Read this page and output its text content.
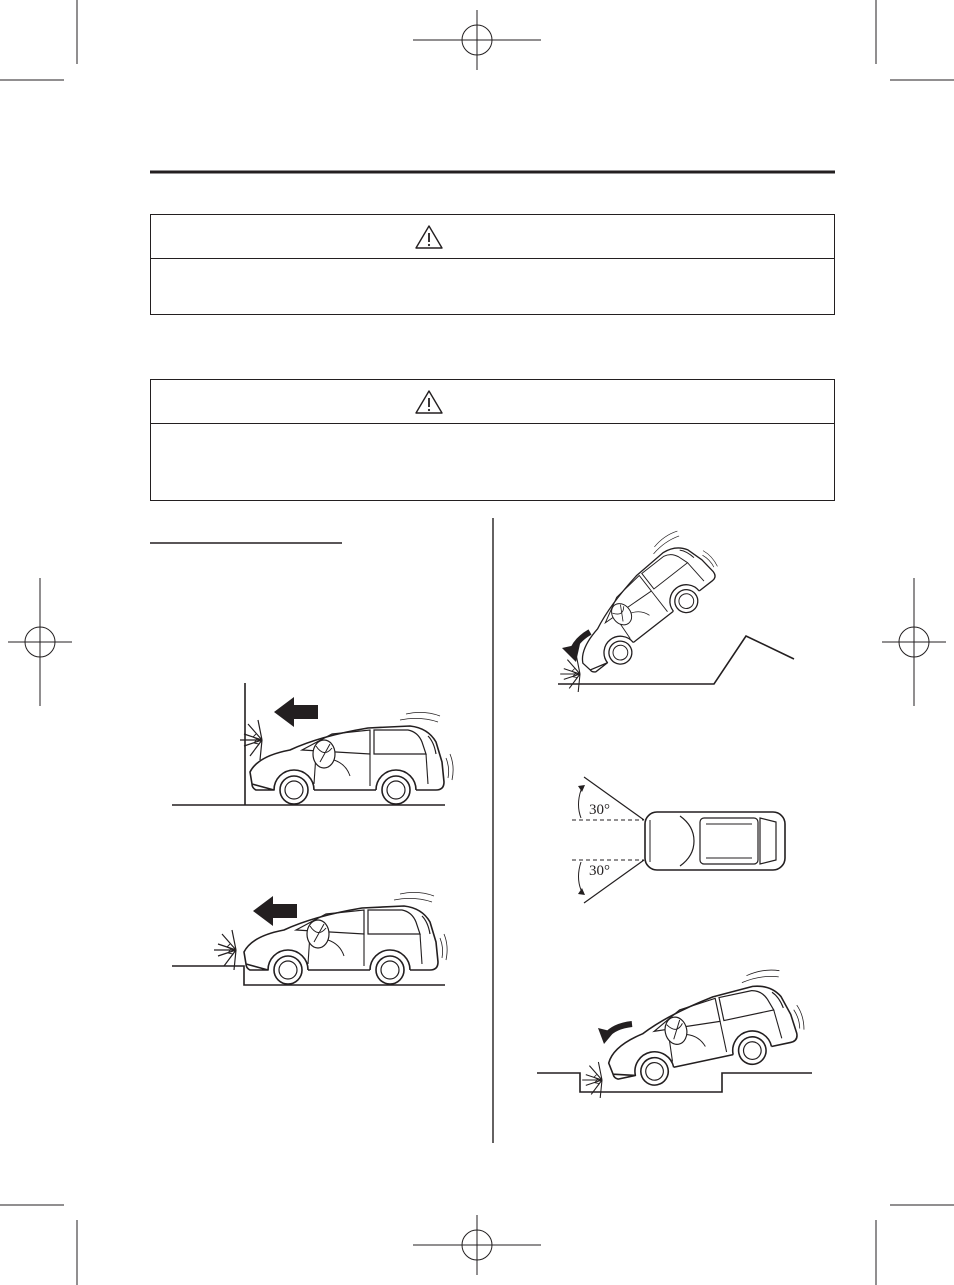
30°
30°
